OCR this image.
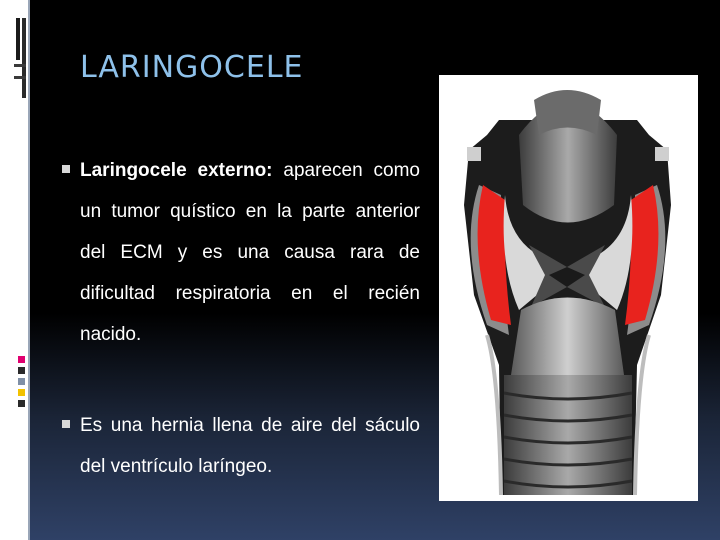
LARINGOCELE
Laringocele externo: aparecen como un tumor quístico en la parte anterior del ECM y es una causa rara de dificultad respiratoria en el recién nacido.
Es una hernia llena de aire del sáculo del ventrículo laríngeo.
